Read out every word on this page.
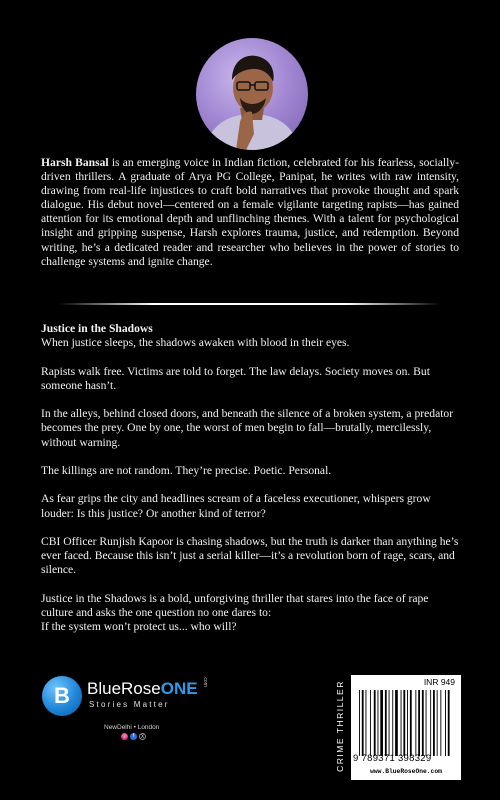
Harsh Bansal is an emerging voice in Indian fiction, celebrated for his fearless, socially-driven thrillers. A graduate of Arya PG College, Panipat, he writes with raw intensity, drawing from real-life injustices to craft bold narratives that provoke thought and spark dialogue. His debut novel—centered on a female vigilante targeting rapists—has gained attention for its emotional depth and unflinching themes. With a talent for psychological insight and gripping suspense, Harsh explores trauma, justice, and redemption. Beyond writing, he’s a dedicated reader and researcher who believes in the power of stories to challenge systems and ignite change.
Justice in the Shadows

When justice sleeps, the shadows awaken with blood in their eyes.

Rapists walk free. Victims are told to forget. The law delays. Society moves on. But someone hasn’t.

In the alleys, behind closed doors, and beneath the silence of a broken system, a predator becomes the prey. One by one, the worst of men begin to fall—brutally, mercilessly, without warning.

The killings are not random. They’re precise. Poetic. Personal.

As fear grips the city and headlines scream of a faceless executioner, whispers grow louder: Is this justice? Or another kind of terror?

CBI Officer Runjish Kapoor is chasing shadows, but the truth is darker than anything he’s ever faced. Because this isn’t just a serial killer—it’s a revolution born of rage, scars, and silence.

Justice in the Shadows is a bold, unforgiving thriller that stares into the face of rape culture and asks the one question no one dares to:

If the system won’t protect us... who will?

B	BlueRoseONE .com
Stories Matter
NewDelhi • London
◎	f	X	CRIME THRILLER	INR 949
9 789371 398329
www.BlueRoseOne.com
